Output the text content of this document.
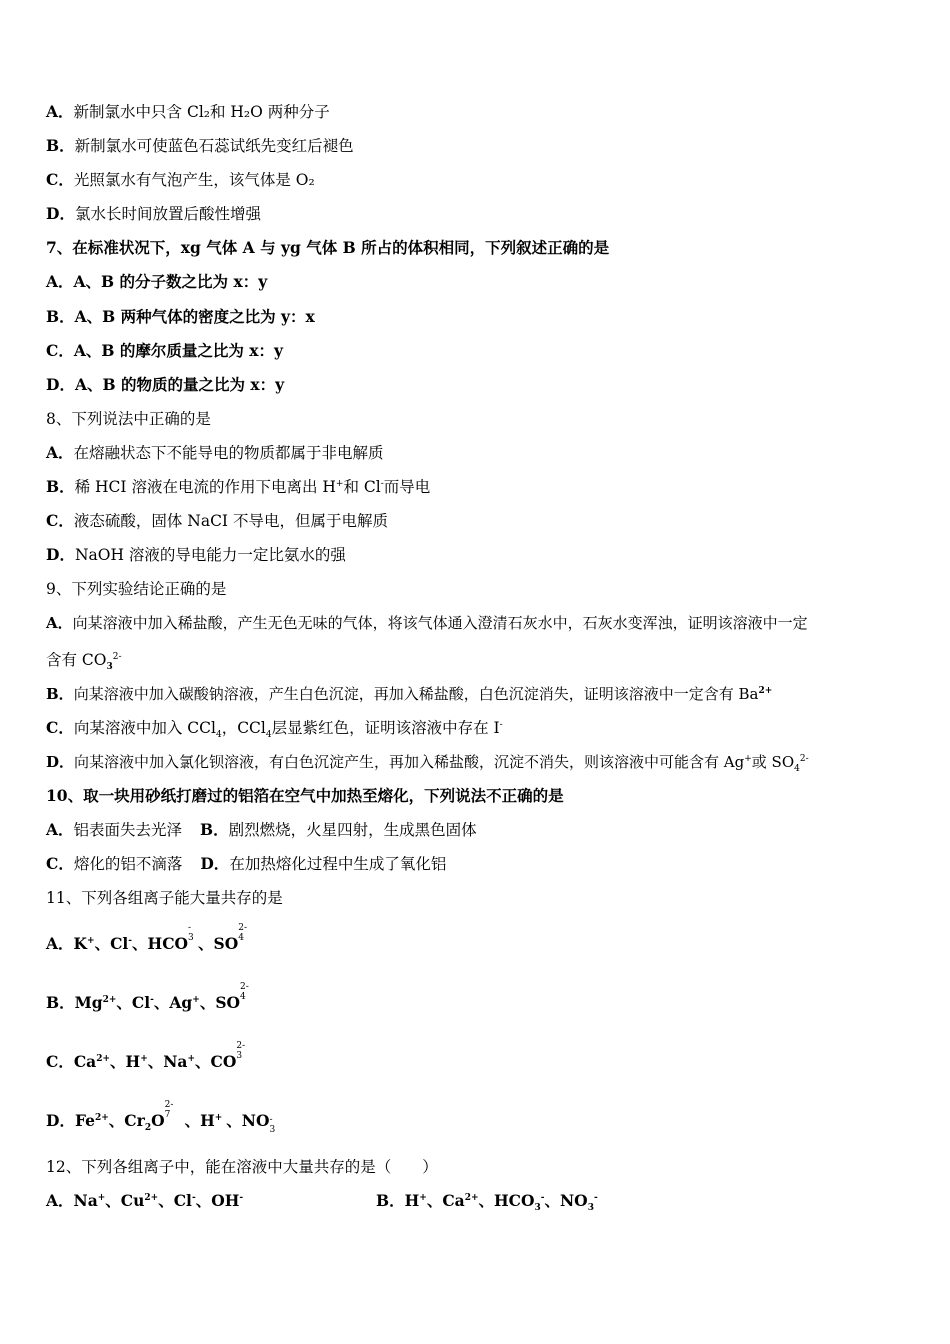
A．新制氯水中只含 Cl₂和 H₂O 两种分子
B．新制氯水可使蓝色石蕊试纸先变红后褪色
C．光照氯水有气泡产生，该气体是 O₂
D．氯水长时间放置后酸性增强
7、在标准状况下，xg 气体 A 与 yg 气体 B 所占的体积相同，下列叙述正确的是
A．A、B 的分子数之比为 x：y
B．A、B 两种气体的密度之比为 y：x
C．A、B 的摩尔质量之比为 x：y
D．A、B 的物质的量之比为 x：y
8、下列说法中正确的是
A．在熔融状态下不能导电的物质都属于非电解质
B．稀 HCI 溶液在电流的作用下电离出 H+和 Cl-而导电
C．液态硫酸，固体 NaCI 不导电，但属于电解质
D．NaOH 溶液的导电能力一定比氨水的强
9、下列实验结论正确的是
A．向某溶液中加入稀盐酸，产生无色无味的气体，将该气体通入澄清石灰水中，石灰水变浑浊，证明该溶液中一定
含有 $CO_3^{2-}$
B．向某溶液中加入碳酸钠溶液，产生白色沉淀，再加入稀盐酸，白色沉淀消失，证明该溶液中一定含有 $Ba^{2+}$
C．向某溶液中加入 CCl$_4$，CCl$_4$层显紫红色，证明该溶液中存在 I-
D．向某溶液中加入氯化钡溶液，有白色沉淀产生，再加入稀盐酸，沉淀不消失，则该溶液中可能含有 Ag+或 $SO_4^{2-}$
10、取一块用砂纸打磨过的铝箔在空气中加热至熔化，下列说法不正确的是
A．铝表面失去光泽 B．剧烈燃烧，火星四射，生成黑色固体
C．熔化的铝不滴落 D．在加热熔化过程中生成了氧化铝
11、下列各组离子能大量共存的是
A．K+、Cl-、HCO
-
3 、SO
2-
4
B．$Mg^{2+}$、Cl-、Ag+、SO
2-
4
C．$Ca^{2+}$、H+、Na+、CO
2-
3
D．$Fe^{2+}$、$Cr_2O$
2-
7 、H+ 、NO -
3
12、下列各组离子中，能在溶液中大量共存的是（　　）
A．Na+、$Cu^{2+}$、Cl-、OH-	B．H+、$Ca^{2+}$、$HCO_3^-$、$NO_3^-$
